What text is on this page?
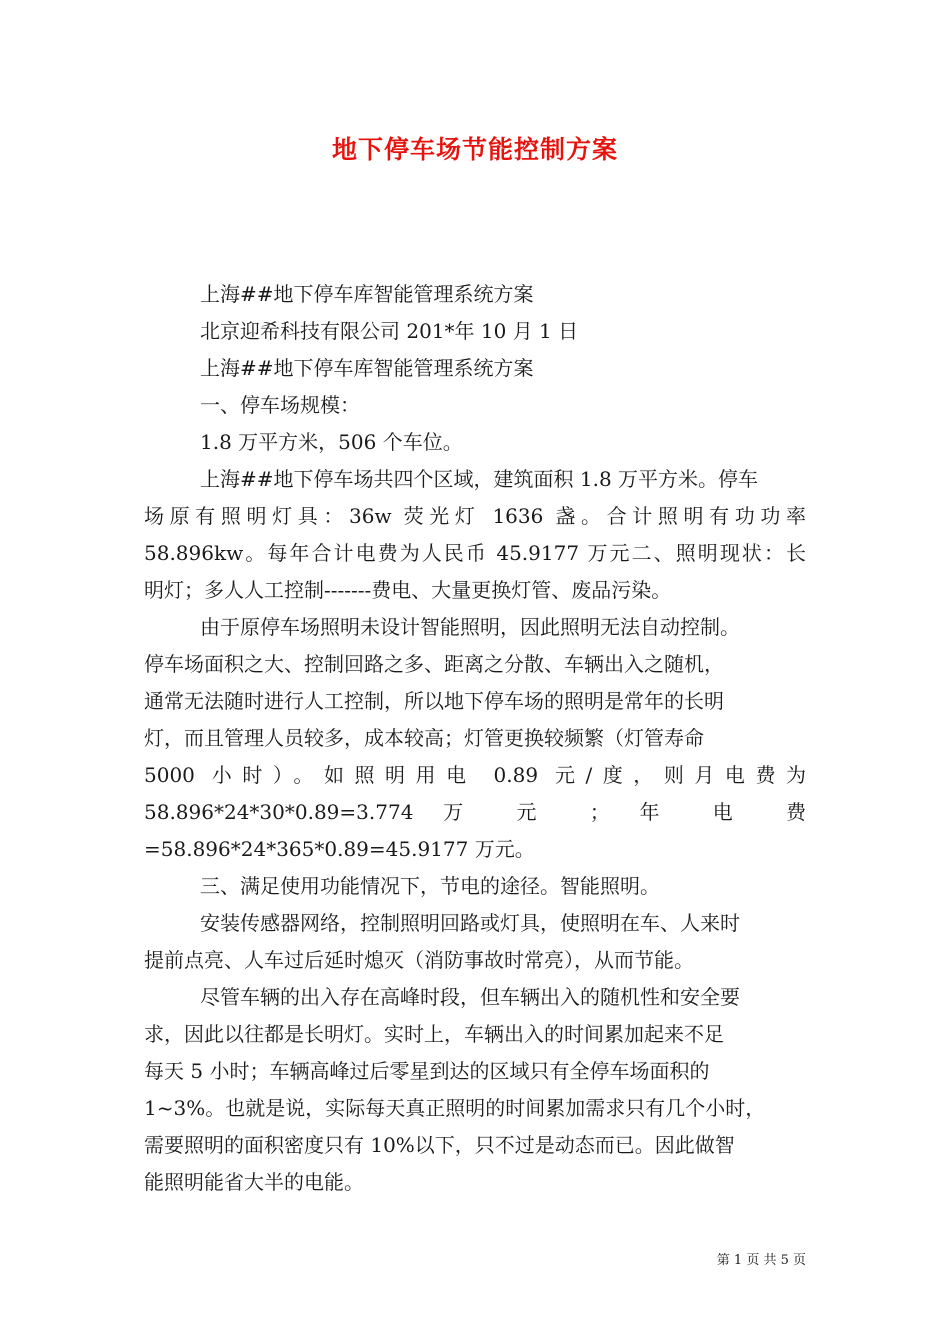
地下停车场节能控制方案
上海##地下停车库智能管理系统方案
北京迎希科技有限公司 201*年 10 月 1 日
上海##地下停车库智能管理系统方案
一、停车场规模：
1.8 万平方米，506 个车位。
上海##地下停车场共四个区域，建筑面积 1.8 万平方米。停车
场原有照明灯具：36w 荧光灯 1636 盏。合计照明有功功率
58.896kw。每年合计电费为人民币 45.9177 万元二、照明现状：长
明灯；多人人工控制-------费电、大量更换灯管、废品污染。
由于原停车场照明未设计智能照明，因此照明无法自动控制。
停车场面积之大、控制回路之多、距离之分散、车辆出入之随机，
通常无法随时进行人工控制，所以地下停车场的照明是常年的长明
灯，而且管理人员较多，成本较高；灯管更换较频繁（灯管寿命
5000 小时）。如照明用电 0.89 元/度，则月电费为
58.896*24*30*0.89=3.774 万 元 ； 年 电 费
=58.896*24*365*0.89=45.9177 万元。
三、满足使用功能情况下，节电的途径。智能照明。
安装传感器网络，控制照明回路或灯具，使照明在车、人来时
提前点亮、人车过后延时熄灭（消防事故时常亮），从而节能。
尽管车辆的出入存在高峰时段，但车辆出入的随机性和安全要
求，因此以往都是长明灯。实时上，车辆出入的时间累加起来不足
每天 5 小时；车辆高峰过后零星到达的区域只有全停车场面积的
1~3%。也就是说，实际每天真正照明的时间累加需求只有几个小时，
需要照明的面积密度只有 10%以下，只不过是动态而已。因此做智
能照明能省大半的电能。
第 1 页 共 5 页
